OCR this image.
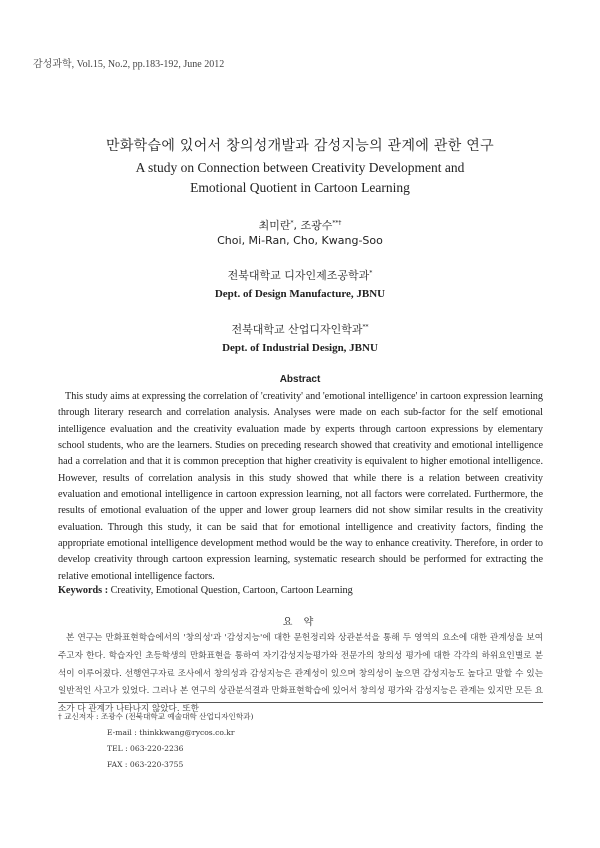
감성과학, Vol.15, No.2, pp.183-192, June 2012
만화학습에 있어서 창의성개발과 감성지능의 관계에 관한 연구
A study on Connection between Creativity Development and
Emotional Quotient in Cartoon Learning
최미란*, 조광수**†
Choi, Mi-Ran, Cho, Kwang-Soo
전북대학교 디자인제조공학과*
Dept. of Design Manufacture, JBNU
전북대학교 산업디자인학과**
Dept. of Industrial Design, JBNU
Abstract

This study aims at expressing the correlation of 'creativity' and 'emotional intelligence' in cartoon expression learning through literary research and correlation analysis. Analyses were made on each sub-factor for the self emotional intelligence evaluation and the creativity evaluation made by experts through cartoon expressions by elementary school students, who are the learners. Studies on preceding research showed that creativity and emotional intelligence had a correlation and that it is common preception that higher creativity is equivalent to higher emotional intelligence. However, results of correlation analysis in this study showed that while there is a relation between creativity evaluation and emotional intelligence in cartoon expression learning, not all factors were correlated. Furthermore, the results of emotional evaluation of the upper and lower group learners did not show similar results in the creativity evaluation. Through this study, it can be said that for emotional intelligence and creativity factors, finding the appropriate emotional intelligence development method would be the way to enhance creativity. Therefore, in order to develop creativity through cartoon expression learning, systematic research should be performed for extracting the relative emotional intelligence factors.

Keywords : Creativity, Emotional Question, Cartoon, Cartoon Learning
요 약

본 연구는 만화표현학습에서의 '창의성'과 '감성지능'에 대한 문헌정리와 상관분석을 통해 두 영역의 요소에 대한 관계성을 보여주고자 한다. 학습자인 초등학생의 만화표현을 통하여 자기감성지능평가와 전문가의 창의성 평가에 대한 각각의 하위요인별로 분석이 이루어졌다. 선행연구자료 조사에서 창의성과 감성지능은 관계성이 있으며 창의성이 높으면 감성지능도 높다고 말할 수 있는 일반적인 사고가 있었다. 그러나 본 연구의 상관분석결과 만화표현학습에 있어서 창의성 평가와 감성지능은 관계는 있지만 모든 요소가 다 관계가 나타나지 않았다. 또한

† 교신저자 : 조광수 (전북대학교 예술대학 산업디자인학과)
E-mail : thinkkwang@rycos.co.kr
TEL : 063-220-2236
FAX : 063-220-3755
